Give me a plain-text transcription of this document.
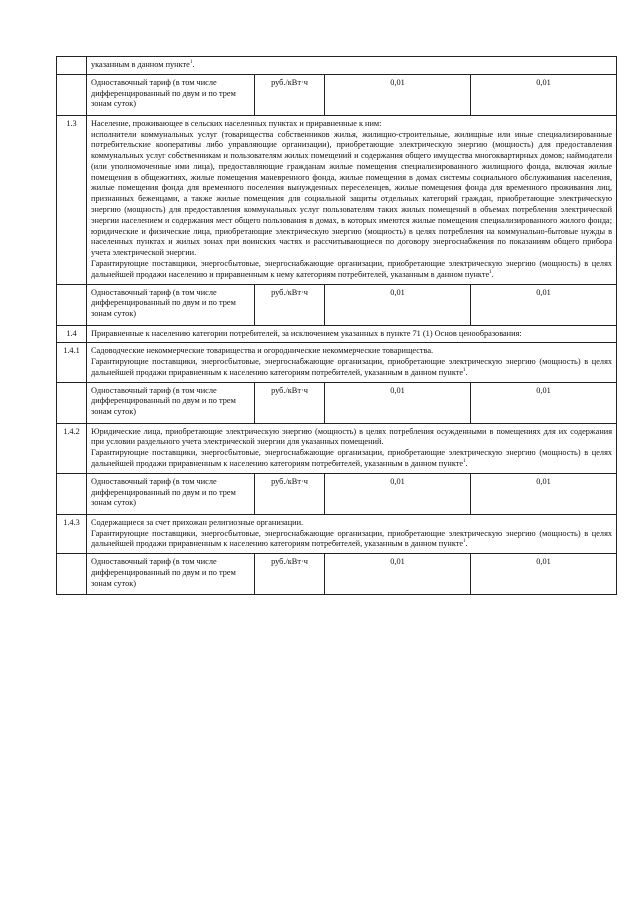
	указанным в данном пункте$^1$.			
	Одноставочный тариф (в том числе дифференцированный по двум и по трем зонам суток)	руб./кВт·ч	0,01	0,01
1.3	Население, проживающее в сельских населенных пунктах и приравненные к ним:
исполнители коммунальных услуг (товарищества собственников жилья, жилищно-строительные, жилищные или иные специализированные потребительские кооперативы либо управляющие организации), приобретающие электрическую энергию (мощность) для предоставления коммунальных услуг собственникам и пользователям жилых помещений и содержания общего имущества многоквартирных домов; наймодатели (или уполномоченные ими лица), предоставляющие гражданам жилые помещения специализированного жилищного фонда, включая жилые помещения в общежитиях, жилые помещения маневренного фонда, жилые помещения в домах системы социального обслуживания населения, жилые помещения фонда для временного поселения вынужденных переселенцев, жилые помещения фонда для временного проживания лиц, признанных беженцами, а также жилые помещения для социальной защиты отдельных категорий граждан, приобретающие электрическую энергию (мощность) для предоставления коммунальных услуг пользователям таких жилых помещений в объемах потребления электрической энергии населением и содержания мест общего пользования в домах, в которых имеются жилые помещения специализированного жилого фонда; юридические и физические лица, приобретающие электрическую энергию (мощность) в целях потребления на коммунально-бытовые нужды в населенных пунктах и жилых зонах при воинских частях и рассчитывающиеся по договору энергоснабжения по показаниям общего прибора учета электрической энергии.
Гарантирующие поставщики, энергосбытовые, энергоснабжающие организации, приобретающие электрическую энергию (мощность) в целях дальнейшей продажи населению и приравненным к нему категориям потребителей, указанным в данном пункте$^1$.			

	Одноставочный тариф (в том числе дифференцированный по двум и по трем зонам суток)	руб./кВт·ч	0,01	0,01
1.4	Приравненные к населению категории потребителей, за исключением указанных в пункте 71 (1) Основ ценообразования:			
1.4.1	Садоводческие некоммерческие товарищества и огороднические некоммерческие товарищества.
Гарантирующие поставщики, энергосбытовые, энергоснабжающие организации, приобретающие электрическую энергию (мощность) в целях дальнейшей продажи приравненным к населению категориям потребителей, указанным в данном пункте$^1$.			

	Одноставочный тариф (в том числе дифференцированный по двум и по трем зонам суток)	руб./кВт·ч	0,01	0,01
1.4.2	Юридические лица, приобретающие электрическую энергию (мощность) в целях потребления осужденными в помещениях для их содержания при условии раздельного учета электрической энергии для указанных помещений.
Гарантирующие поставщики, энергосбытовые, энергоснабжающие организации, приобретающие электрическую энергию (мощность) в целях дальнейшей продажи приравненным к населению категориям потребителей, указанным в данном пункте$^1$.			

	Одноставочный тариф (в том числе дифференцированный по двум и по трем зонам суток)	руб./кВт·ч	0,01	0,01
1.4.3	Содержащиеся за счет прихожан религиозные организации.
Гарантирующие поставщики, энергосбытовые, энергоснабжающие организации, приобретающие электрическую энергию (мощность) в целях дальнейшей продажи приравненным к населению категориям потребителей, указанным в данном пункте$^1$.			

	Одноставочный тариф (в том числе дифференцированный по двум и по трем зонам суток)	руб./кВт·ч	0,01	0,01
